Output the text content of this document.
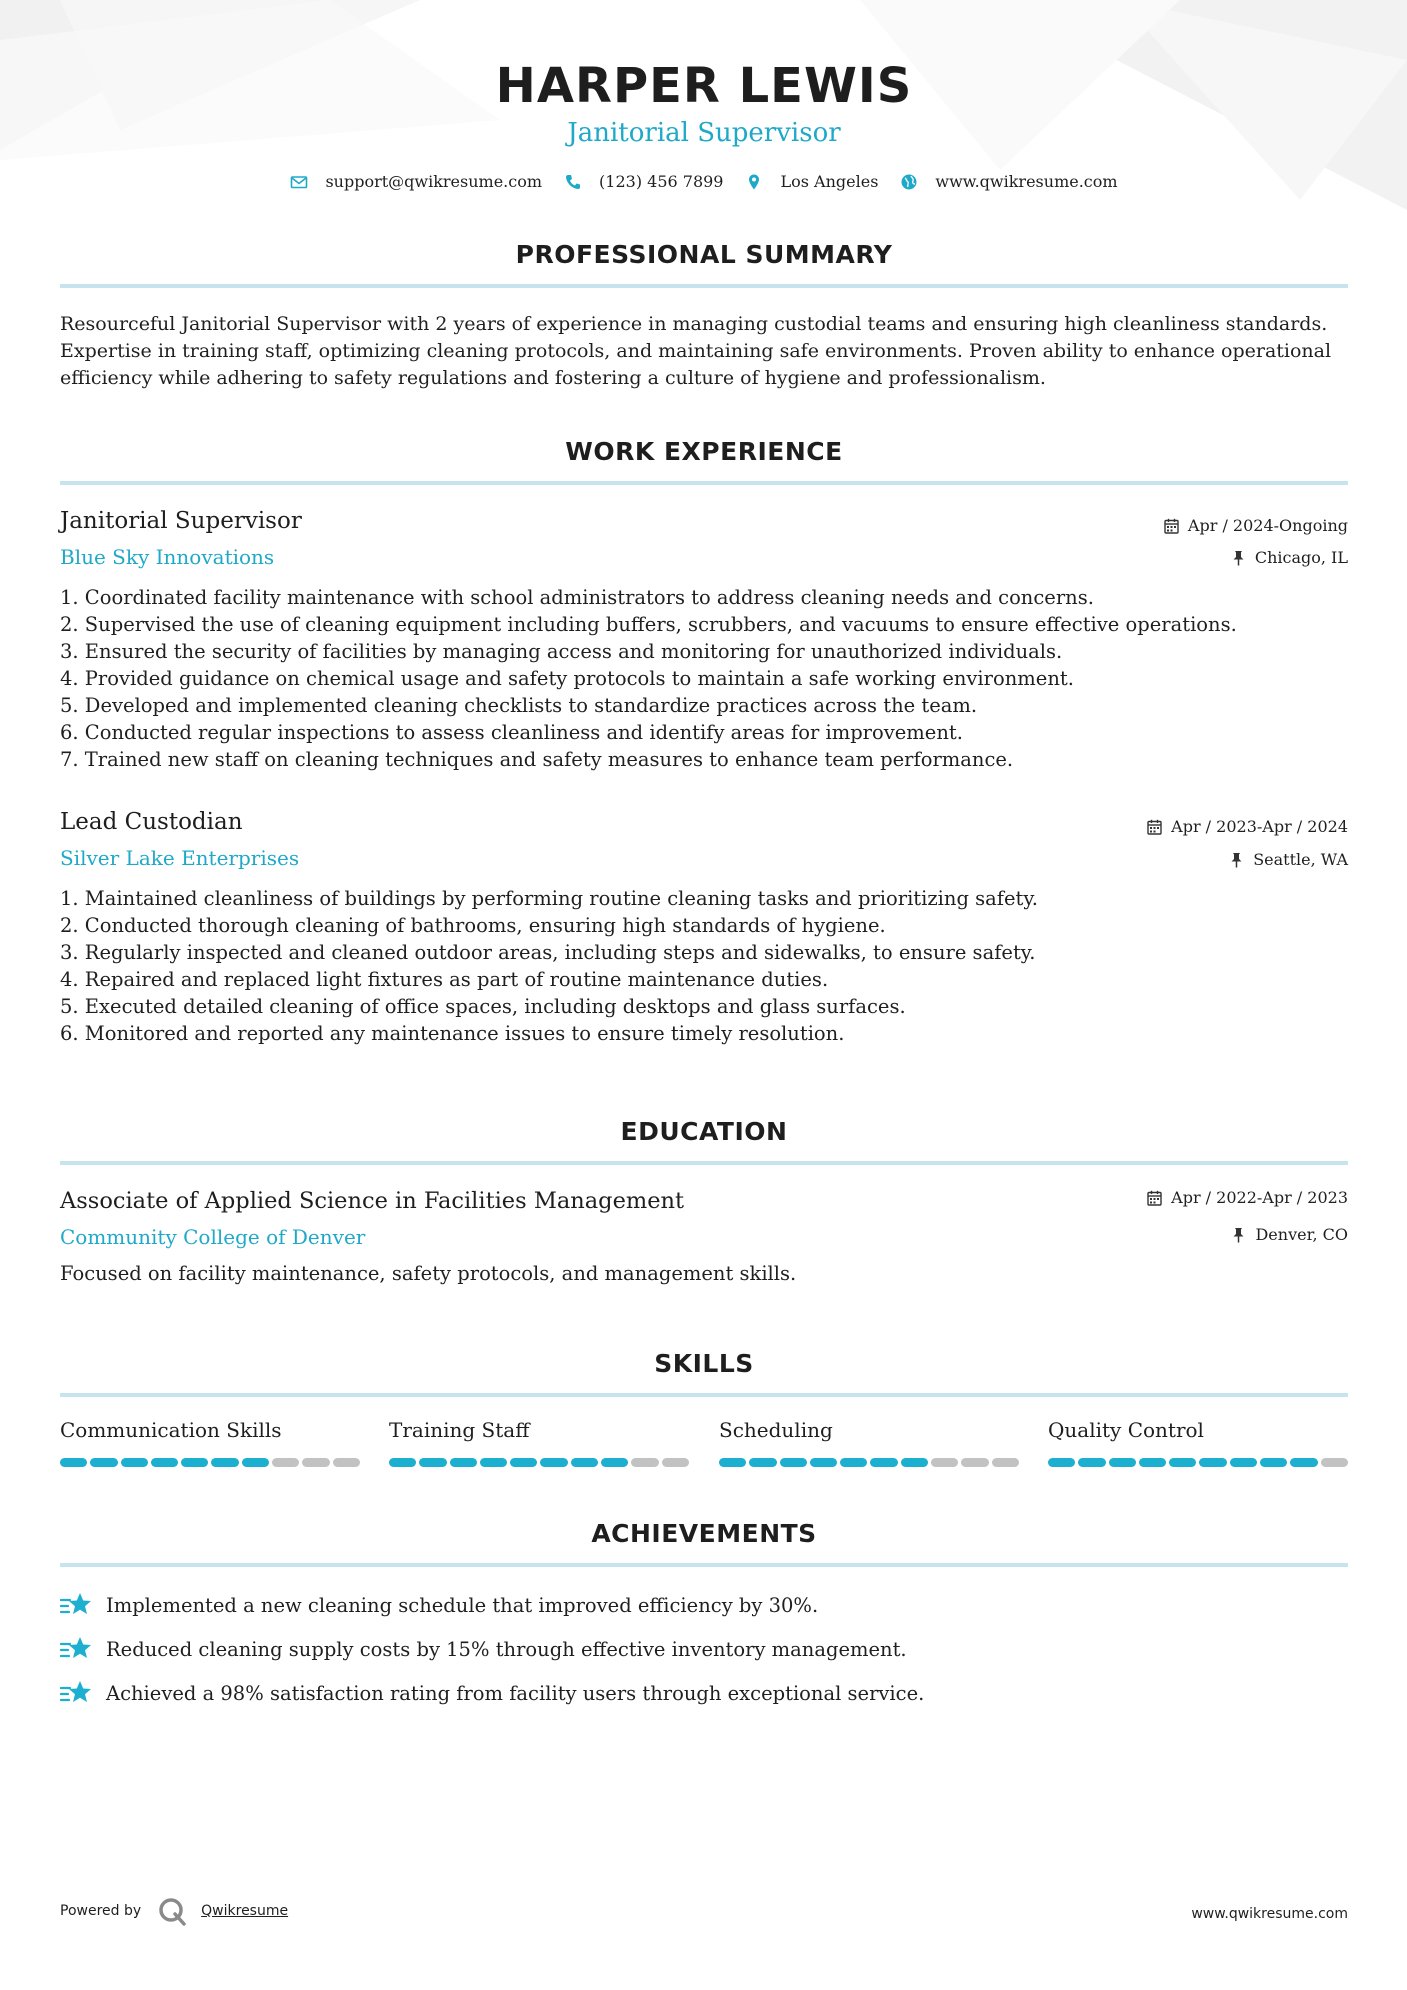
HARPER LEWIS
Janitorial Supervisor
support@qwikresume.com	(123) 456 7899	Los Angeles	www.qwikresume.com
PROFESSIONAL SUMMARY
Resourceful Janitorial Supervisor with 2 years of experience in managing custodial teams and ensuring high cleanliness standards. Expertise in training staff, optimizing cleaning protocols, and maintaining safe environments. Proven ability to enhance operational efficiency while adhering to safety regulations and fostering a culture of hygiene and professionalism.
WORK EXPERIENCE
Janitorial Supervisor
Blue Sky Innovations
Apr / 2024-Ongoing
Chicago, IL
1. Coordinated facility maintenance with school administrators to address cleaning needs and concerns.
2. Supervised the use of cleaning equipment including buffers, scrubbers, and vacuums to ensure effective operations.
3. Ensured the security of facilities by managing access and monitoring for unauthorized individuals.
4. Provided guidance on chemical usage and safety protocols to maintain a safe working environment.
5. Developed and implemented cleaning checklists to standardize practices across the team.
6. Conducted regular inspections to assess cleanliness and identify areas for improvement.
7. Trained new staff on cleaning techniques and safety measures to enhance team performance.
Lead Custodian
Silver Lake Enterprises
Apr / 2023-Apr / 2024
Seattle, WA
1. Maintained cleanliness of buildings by performing routine cleaning tasks and prioritizing safety.
2. Conducted thorough cleaning of bathrooms, ensuring high standards of hygiene.
3. Regularly inspected and cleaned outdoor areas, including steps and sidewalks, to ensure safety.
4. Repaired and replaced light fixtures as part of routine maintenance duties.
5. Executed detailed cleaning of office spaces, including desktops and glass surfaces.
6. Monitored and reported any maintenance issues to ensure timely resolution.
EDUCATION
Associate of Applied Science in Facilities Management
Community College of Denver
Apr / 2022-Apr / 2023
Denver, CO
Focused on facility maintenance, safety protocols, and management skills.
SKILLS
Communication Skills	Training Staff	Scheduling	Quality Control
ACHIEVEMENTS
Implemented a new cleaning schedule that improved efficiency by 30%.
Reduced cleaning supply costs by 15% through effective inventory management.
Achieved a 98% satisfaction rating from facility users through exceptional service.
Powered by	Qwikresume	www.qwikresume.com
